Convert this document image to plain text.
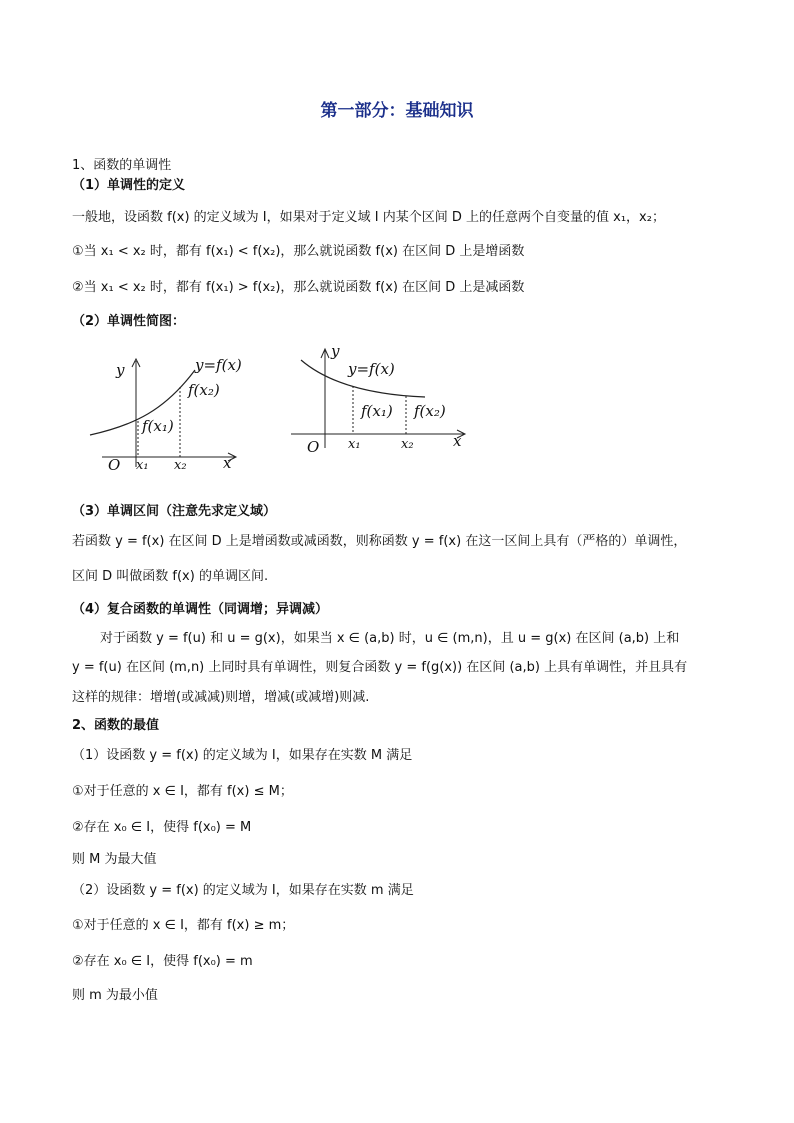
第一部分：基础知识
1、函数的单调性
（1）单调性的定义
一般地，设函数 f(x) 的定义域为 I，如果对于定义域 I 内某个区间 D 上的任意两个自变量的值 x₁，x₂；
①当 x₁ < x₂ 时，都有 f(x₁) < f(x₂)，那么就说函数 f(x) 在区间 D 上是增函数
②当 x₁ < x₂ 时，都有 f(x₁) > f(x₂)，那么就说函数 f(x) 在区间 D 上是减函数
（2）单调性简图：
y	y=f(x)
f(x₂)
f(x₁)
O x₁ x₂ x
y
y=f(x)
f(x₁) f(x₂)
O x₁	x₂	x
（3）单调区间（注意先求定义域）
若函数 y = f(x) 在区间 D 上是增函数或减函数，则称函数 y = f(x) 在这一区间上具有（严格的）单调性，
区间 D 叫做函数 f(x) 的单调区间.
（4）复合函数的单调性（同调增；异调减）
对于函数 y = f(u) 和 u = g(x)，如果当 x ∈ (a,b) 时，u ∈ (m,n)，且 u = g(x) 在区间 (a,b) 上和
y = f(u) 在区间 (m,n) 上同时具有单调性，则复合函数 y = f(g(x)) 在区间 (a,b) 上具有单调性，并且具有
这样的规律：增增(或减减)则增，增减(或减增)则减.
2、函数的最值
（1）设函数 y = f(x) 的定义域为 I，如果存在实数 M 满足
①对于任意的 x ∈ I，都有 f(x) ≤ M；
②存在 x₀ ∈ I，使得 f(x₀) = M
则 M 为最大值
（2）设函数 y = f(x) 的定义域为 I，如果存在实数 m 满足
①对于任意的 x ∈ I，都有 f(x) ≥ m；
②存在 x₀ ∈ I，使得 f(x₀) = m
则 m 为最小值
